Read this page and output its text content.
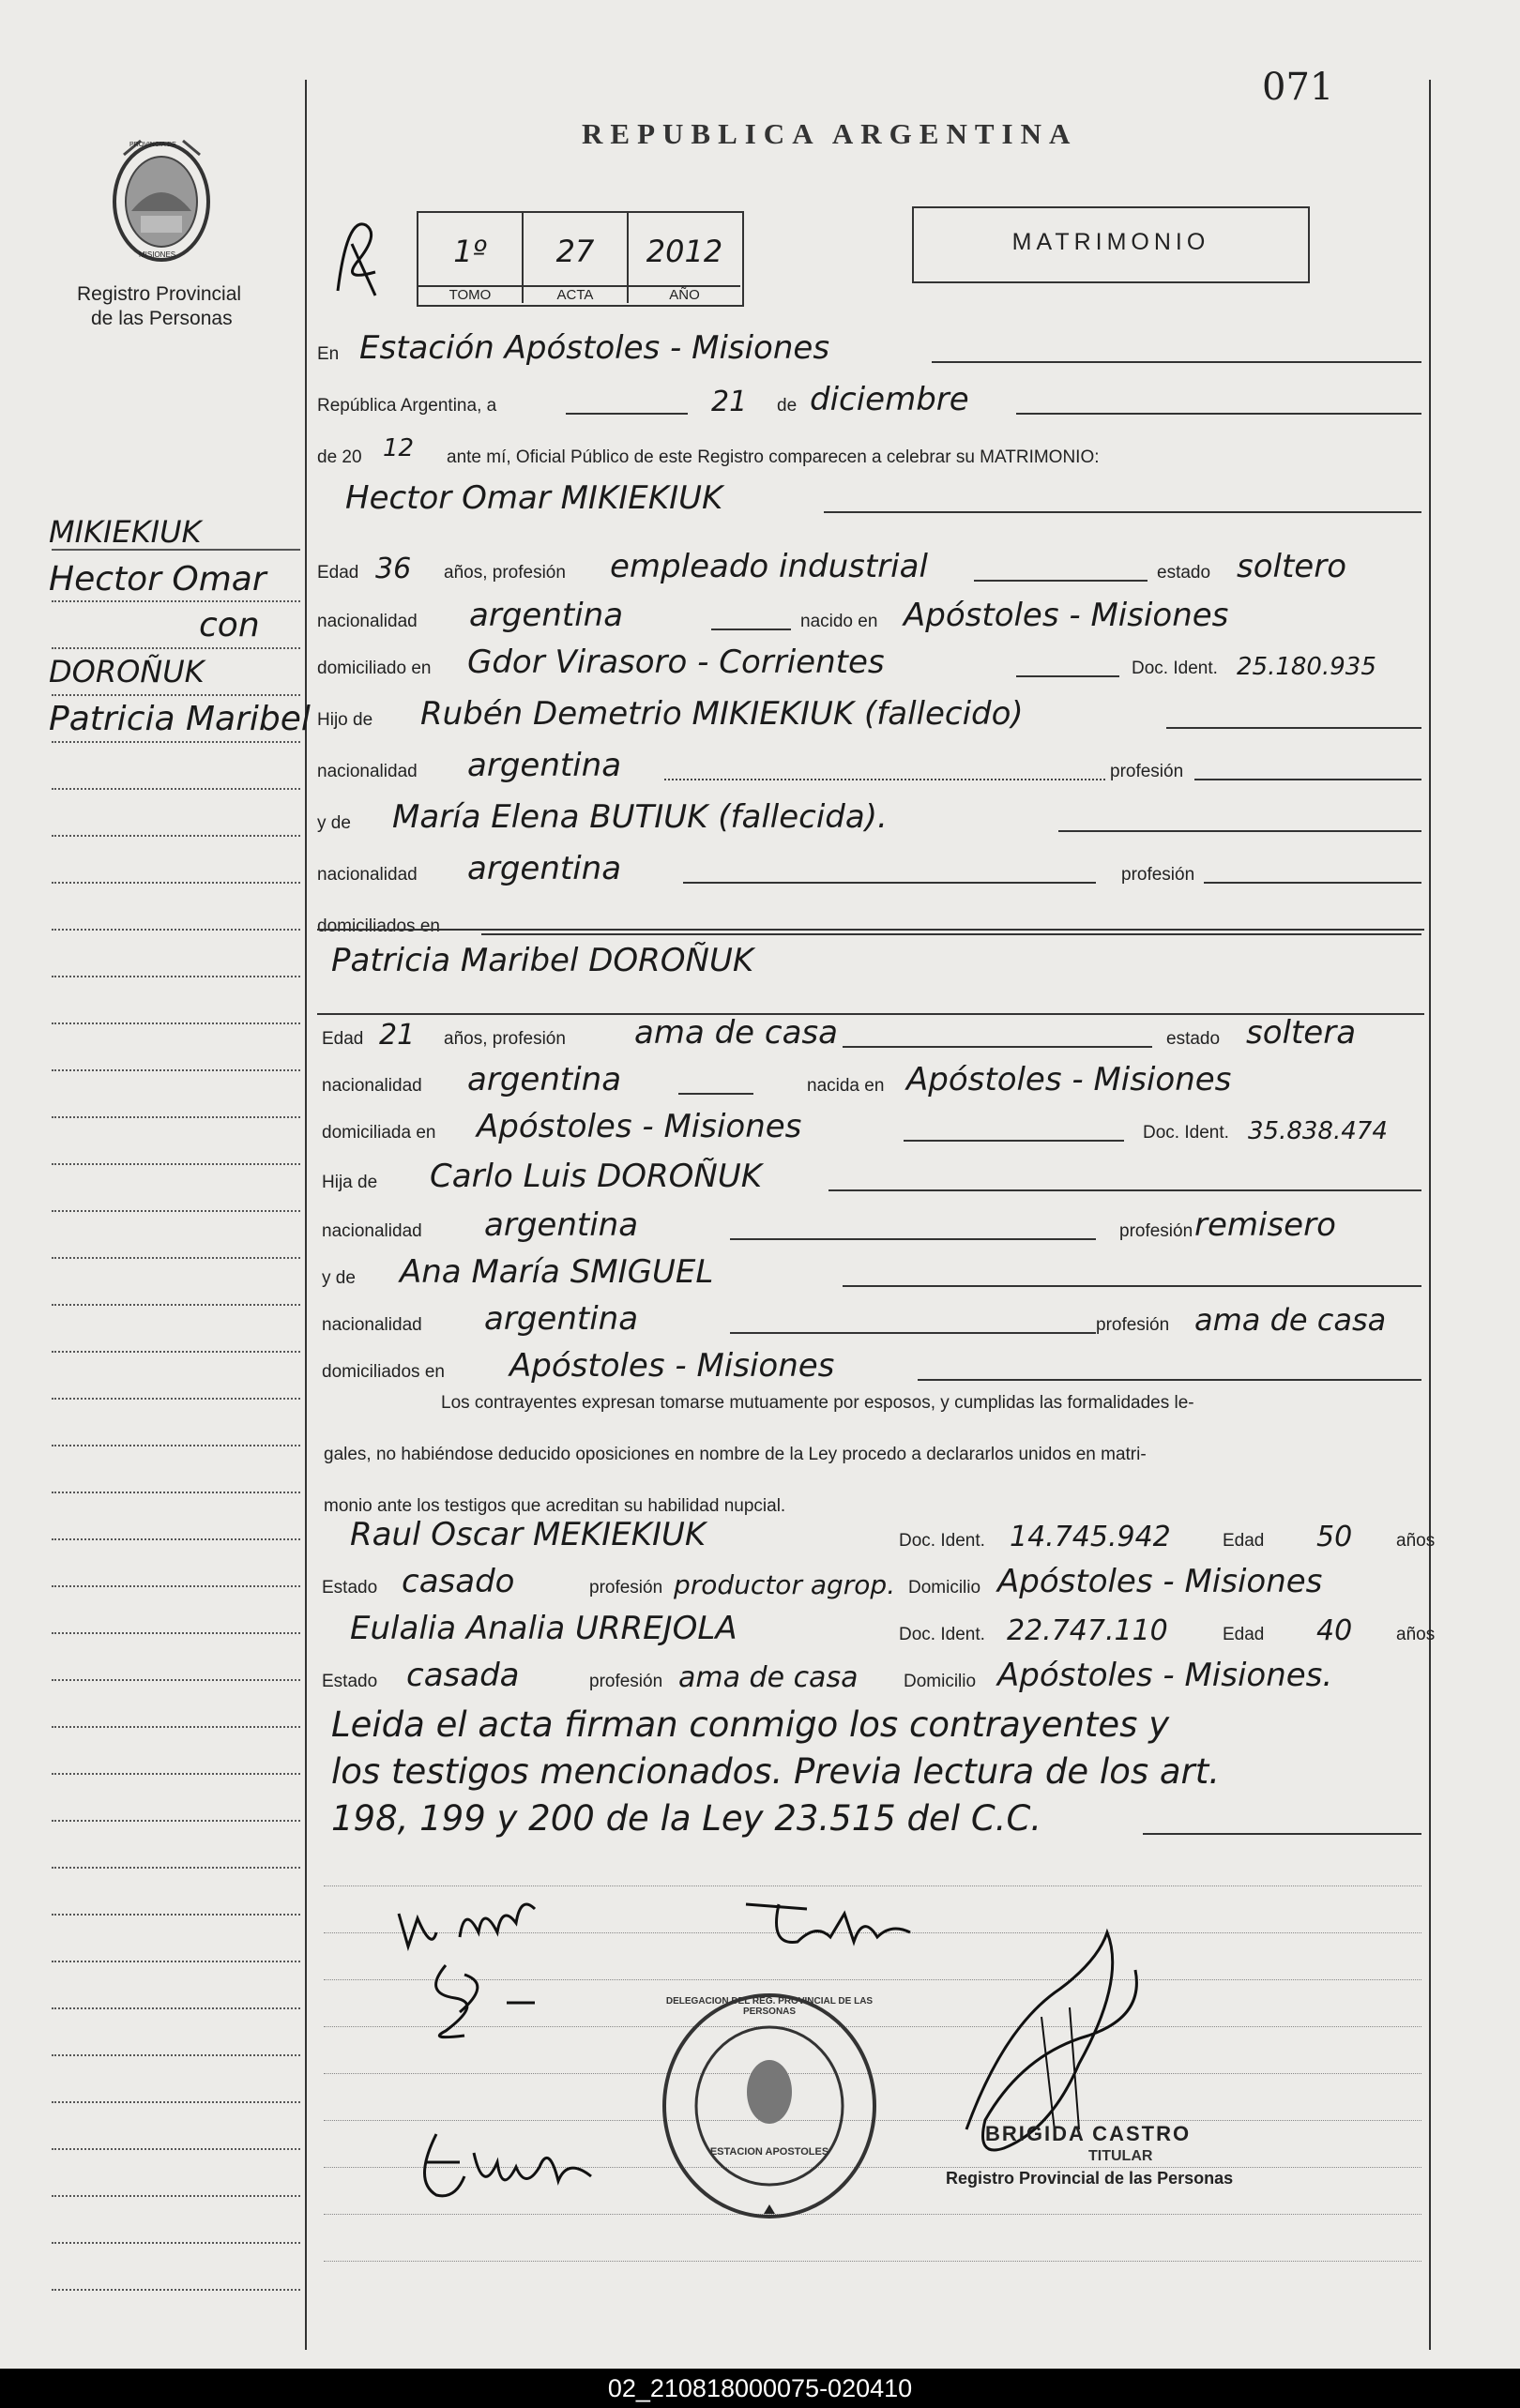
071
REPUBLICA ARGENTINA
PROVINCIA DE
MISIONES
Registro Provincial
de las Personas
1º
TOMO
27
ACTA
2012
AÑO
MATRIMONIO
MIKIEKIUK
Hector Omar
con
DOROÑUK
Patricia Maribel
En Estación Apóstoles - Misiones
República Argentina, a	21 de diciembre
de 20 12 ante mí, Oficial Público de este Registro comparecen a celebrar su MATRIMONIO:
Hector Omar MIKIEKIUK
Edad 36 años, profesión empleado industrial	estado soltero
nacionalidad argentina	nacido en Apóstoles - Misiones
domiciliado en Gdor Virasoro - Corrientes	Doc. Ident. 25.180.935
Hijo de Rubén Demetrio MIKIEKIUK (fallecido)
nacionalidad argentina	profesión
y de María Elena BUTIUK (fallecida).
nacionalidad argentina	profesión
domiciliados en
Patricia Maribel DOROÑUK
Edad 21 años, profesión ama de casa	estado soltera
nacionalidad argentina	nacida en Apóstoles - Misiones
domiciliada en Apóstoles - Misiones	Doc. Ident. 35.838.474
Hija de Carlo Luis DOROÑUK
nacionalidad argentina	profesión remisero
y de Ana María SMIGUEL
nacionalidad argentina	profesión ama de casa
domiciliados en Apóstoles - Misiones

Los contrayentes expresan tomarse mutuamente por esposos, y cumplidas las formalidades le-

gales, no habiéndose deducido oposiciones en nombre de la Ley procedo a declararlos unidos en matri-

monio ante los testigos que acreditan su habilidad nupcial.

Raul Oscar MEKIEKIUK	Doc. Ident. 14.745.942	Edad 50 años
Estado casado	profesión productor agrop. Domicilio Apóstoles - Misiones
Eulalia Analia URREJOLA	Doc. Ident. 22.747.110	Edad 40 años
Estado casada	profesión ama de casa	Domicilio Apóstoles - Misiones.
Leida el acta firman conmigo los contrayentes y
los testigos mencionados. Previa lectura de los art.
198, 199 y 200 de la Ley 23.515 del C.C.
DELEGACION DEL REG. PROVINCIAL DE LAS PERSONAS
ESTACION APOSTOLES
BRIGIDA CASTRO
TITULAR
Registro Provincial de las Personas
02_210818000075-020410
